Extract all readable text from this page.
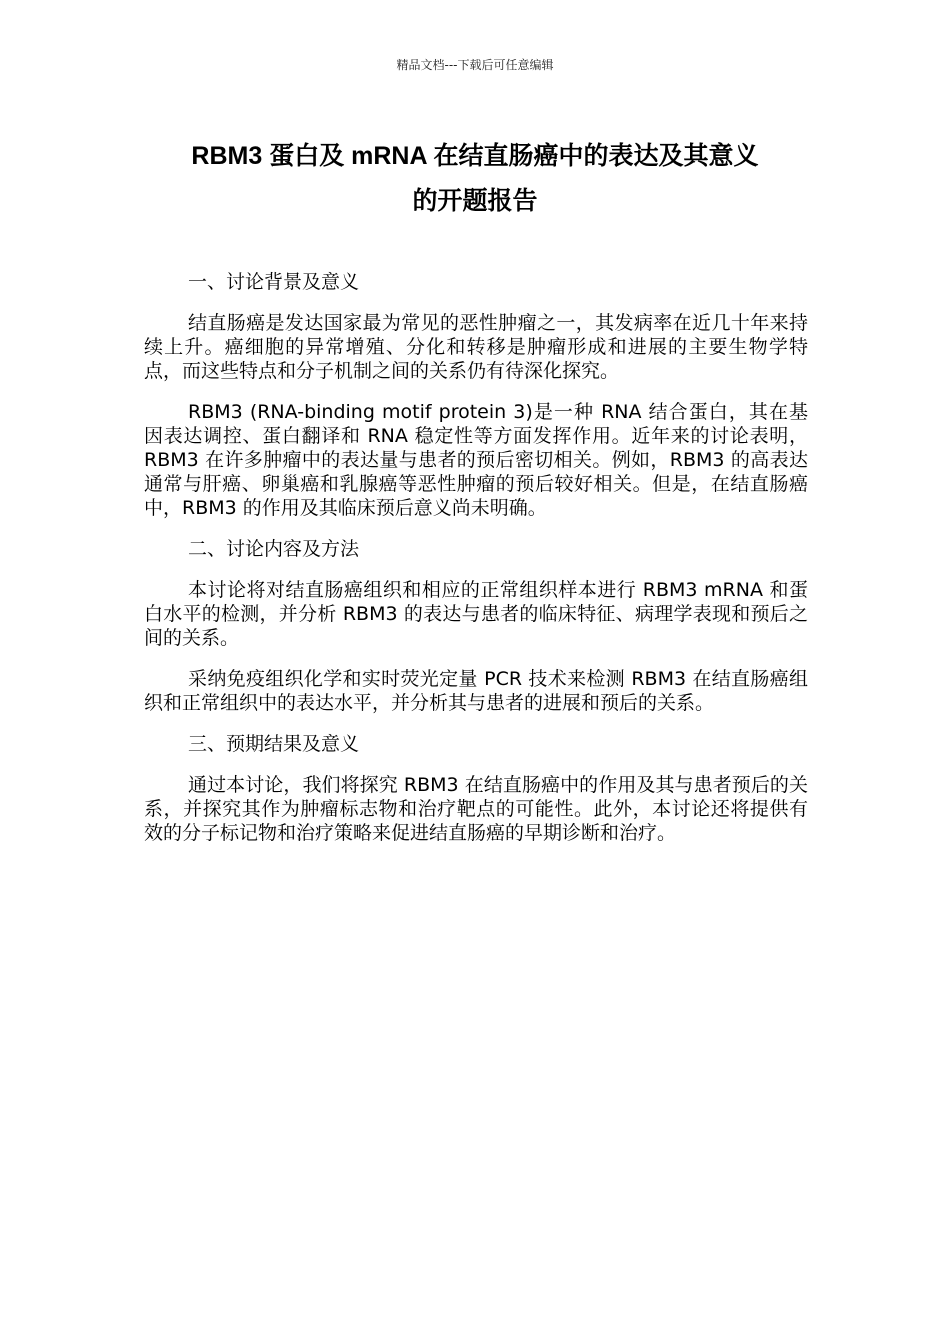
精品文档---下载后可任意编辑
RBM3 蛋白及 mRNA 在结直肠癌中的表达及其意义
的开题报告

一、讨论背景及意义

结直肠癌是发达国家最为常见的恶性肿瘤之一，其发病率在近几十年来持续上升。癌细胞的异常增殖、分化和转移是肿瘤形成和进展的主要生物学特点，而这些特点和分子机制之间的关系仍有待深化探究。

RBM3 (RNA-binding motif protein 3)是一种 RNA 结合蛋白，其在基因表达调控、蛋白翻译和 RNA 稳定性等方面发挥作用。近年来的讨论表明，RBM3 在许多肿瘤中的表达量与患者的预后密切相关。例如，RBM3 的高表达通常与肝癌、卵巢癌和乳腺癌等恶性肿瘤的预后较好相关。但是，在结直肠癌中，RBM3 的作用及其临床预后意义尚未明确。

二、讨论内容及方法

本讨论将对结直肠癌组织和相应的正常组织样本进行 RBM3 mRNA 和蛋白水平的检测，并分析 RBM3 的表达与患者的临床特征、病理学表现和预后之间的关系。

采纳免疫组织化学和实时荧光定量 PCR 技术来检测 RBM3 在结直肠癌组织和正常组织中的表达水平，并分析其与患者的进展和预后的关系。

三、预期结果及意义

通过本讨论，我们将探究 RBM3 在结直肠癌中的作用及其与患者预后的关系，并探究其作为肿瘤标志物和治疗靶点的可能性。此外，本讨论还将提供有效的分子标记物和治疗策略来促进结直肠癌的早期诊断和治疗。
